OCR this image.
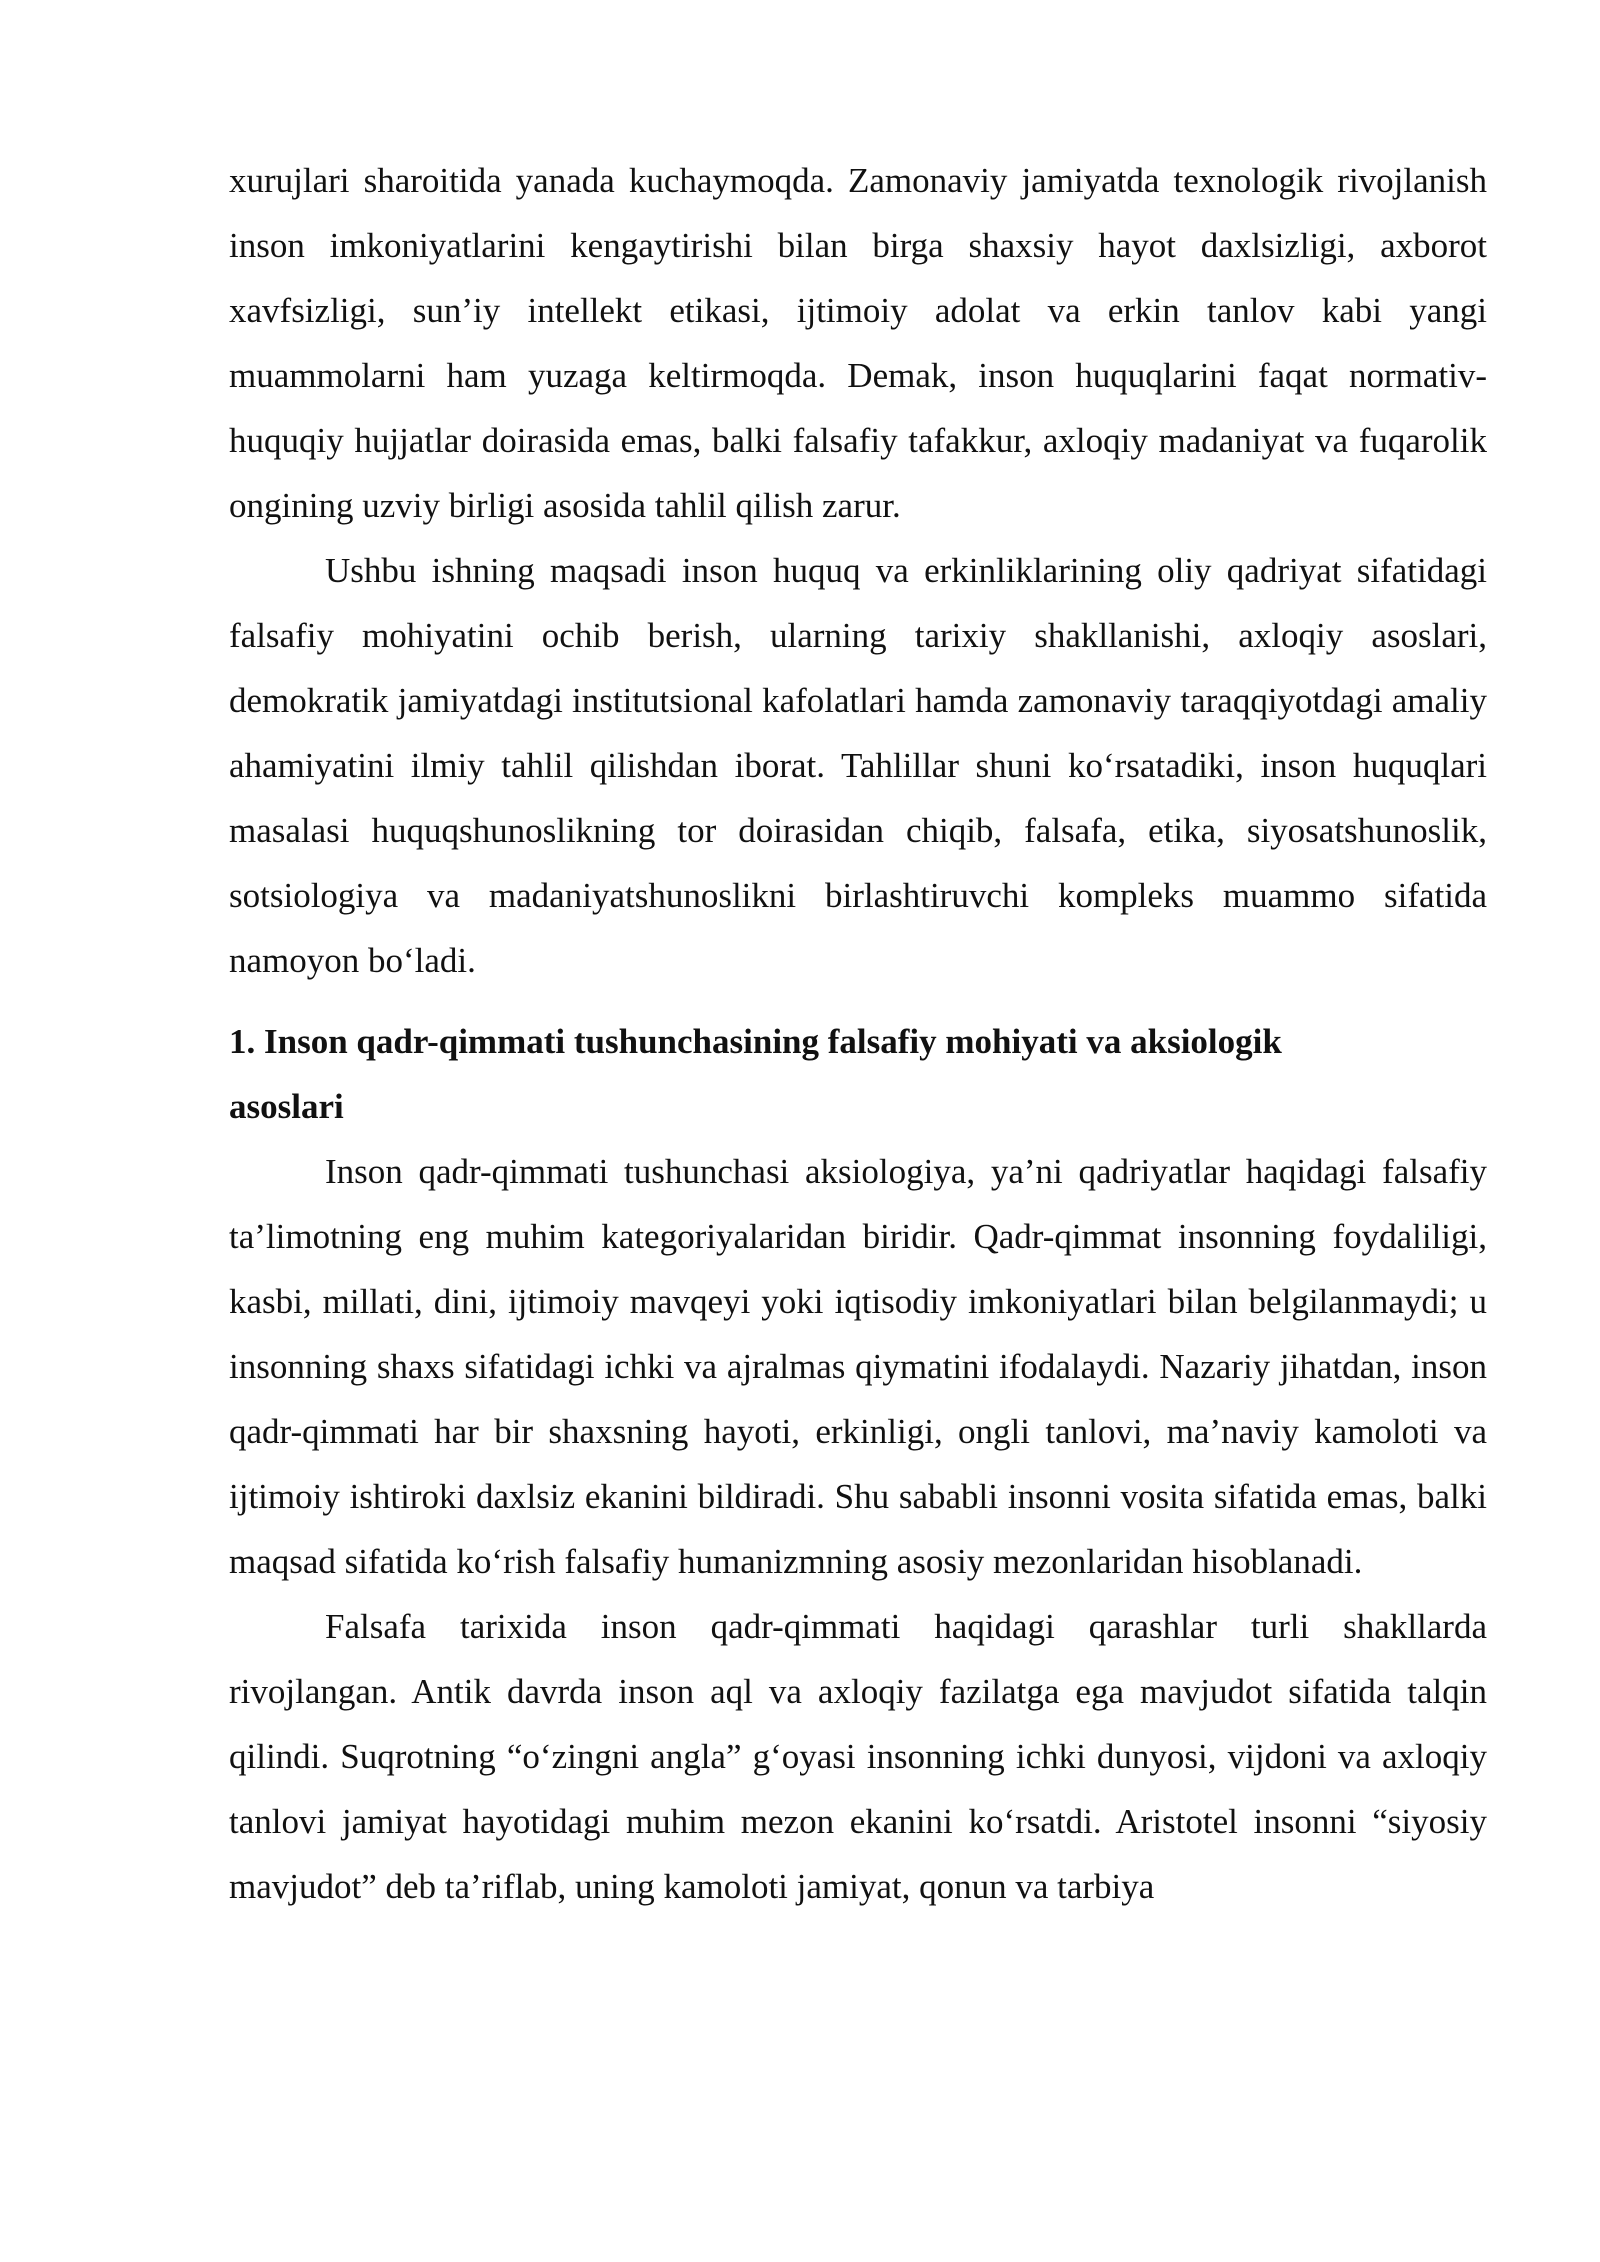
xurujlari sharoitida yanada kuchaymoqda. Zamonaviy jamiyatda texnologik rivojlanish inson imkoniyatlarini kengaytirishi bilan birga shaxsiy hayot daxlsizligi, axborot xavfsizligi, sun’iy intellekt etikasi, ijtimoiy adolat va erkin tanlov kabi yangi muammolarni ham yuzaga keltirmoqda. Demak, inson huquqlarini faqat normativ-huquqiy hujjatlar doirasida emas, balki falsafiy tafakkur, axloqiy madaniyat va fuqarolik ongining uzviy birligi asosida tahlil qilish zarur.

Ushbu ishning maqsadi inson huquq va erkinliklarining oliy qadriyat sifatidagi falsafiy mohiyatini ochib berish, ularning tarixiy shakllanishi, axloqiy asoslari, demokratik jamiyatdagi institutsional kafolatlari hamda zamonaviy taraqqiyotdagi amaliy ahamiyatini ilmiy tahlil qilishdan iborat. Tahlillar shuni ko‘rsatadiki, inson huquqlari masalasi huquqshunoslikning tor doirasidan chiqib, falsafa, etika, siyosatshunoslik, sotsiologiya va madaniyatshunoslikni birlashtiruvchi kompleks muammo sifatida namoyon bo‘ladi.

1. Inson qadr-qimmati tushunchasining falsafiy mohiyati va aksiologik asoslari

Inson qadr-qimmati tushunchasi aksiologiya, ya’ni qadriyatlar haqidagi falsafiy ta’limotning eng muhim kategoriyalaridan biridir. Qadr-qimmat insonning foydaliligi, kasbi, millati, dini, ijtimoiy mavqeyi yoki iqtisodiy imkoniyatlari bilan belgilanmaydi; u insonning shaxs sifatidagi ichki va ajralmas qiymatini ifodalaydi. Nazariy jihatdan, inson qadr-qimmati har bir shaxsning hayoti, erkinligi, ongli tanlovi, ma’naviy kamoloti va ijtimoiy ishtiroki daxlsiz ekanini bildiradi. Shu sababli insonni vosita sifatida emas, balki maqsad sifatida ko‘rish falsafiy humanizmning asosiy mezonlaridan hisoblanadi.

Falsafa tarixida inson qadr-qimmati haqidagi qarashlar turli shakllarda rivojlangan. Antik davrda inson aql va axloqiy fazilatga ega mavjudot sifatida talqin qilindi. Suqrotning “o‘zingni angla” g‘oyasi insonning ichki dunyosi, vijdoni va axloqiy tanlovi jamiyat hayotidagi muhim mezon ekanini ko‘rsatdi. Aristotel insonni “siyosiy mavjudot” deb ta’riflab, uning kamoloti jamiyat, qonun va tarbiya
